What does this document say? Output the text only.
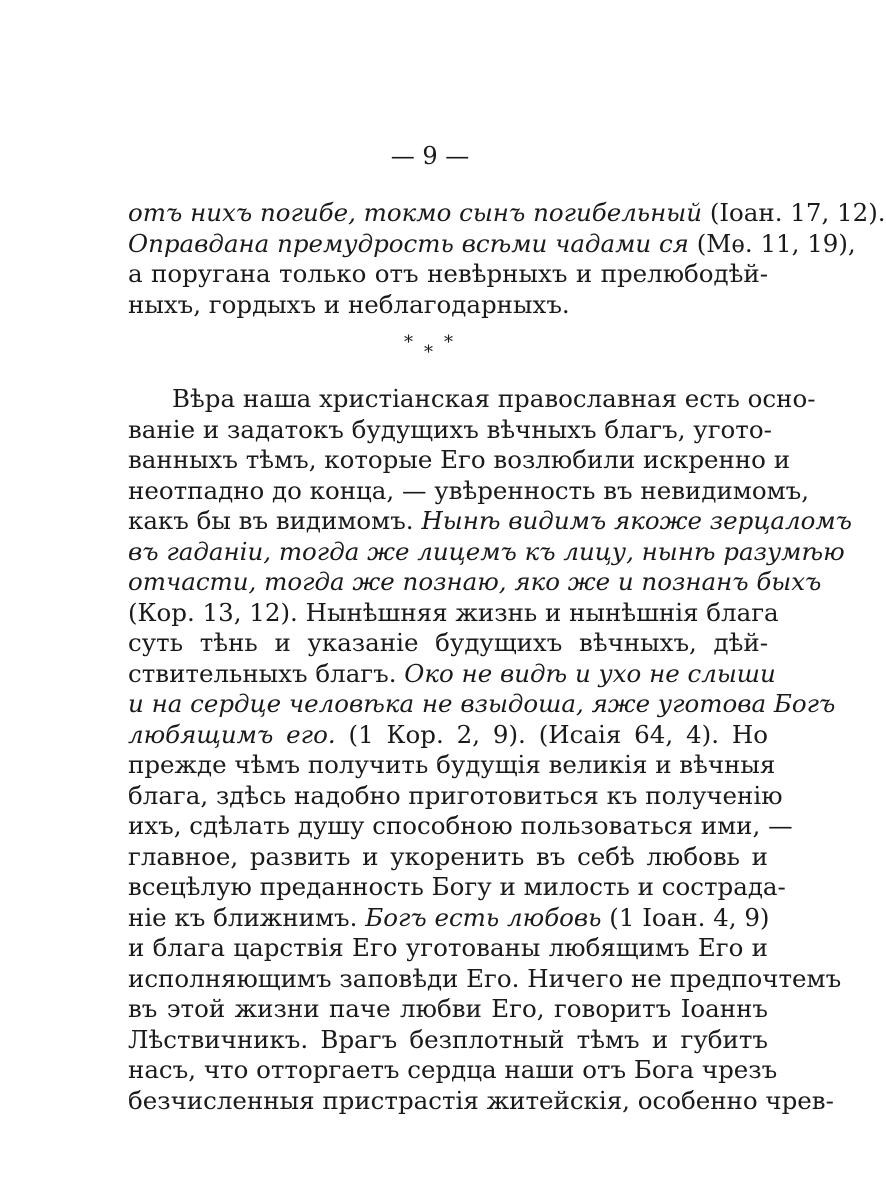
— 9 —
отъ нихъ погибе, токмо сынъ погибельный (Іоан. 17, 12).
Оправдана премудрость всѣми чадами ся (Мѳ. 11, 19),
а поругана только отъ невѣрныхъ и прелюбодѣй-
ныхъ, гордыхъ и неблагодарныхъ.
* * *
Вѣра наша христіанская православная есть осно-
ваніе и задатокъ будущихъ вѣчныхъ благъ, угото-
ванныхъ тѣмъ, которые Его возлюбили искренно и
неотпадно до конца, — увѣренность въ невидимомъ,
какъ бы въ видимомъ. Нынѣ видимъ якоже зерцаломъ
въ гаданіи, тогда же лицемъ къ лицу, нынѣ разумѣю
отчасти, тогда же познаю, яко же и познанъ быхъ
(Кор. 13, 12). Нынѣшняя жизнь и нынѣшнія блага
суть тѣнь и указаніе будущихъ вѣчныхъ, дѣй-
ствительныхъ благъ. Око не видѣ и ухо не слыши
и на сердце человѣка не взыдоша, яже уготова Богъ
любящимъ его. (1 Кор. 2, 9). (Исаія 64, 4). Но
прежде чѣмъ получить будущія великія и вѣчныя
блага, здѣсь надобно приготовиться къ полученію
ихъ, сдѣлать душу способною пользоваться ими, —
главное, развить и укоренить въ себѣ любовь и
всецѣлую преданность Богу и милость и сострада-
ніе къ ближнимъ. Богъ есть любовь (1 Іоан. 4, 9)
и блага царствія Его уготованы любящимъ Его и
исполняющимъ заповѣди Его. Ничего не предпочтемъ
въ этой жизни паче любви Его, говоритъ Іоаннъ
Лѣствичникъ. Врагъ безплотный тѣмъ и губитъ
насъ, что отторгаетъ сердца наши отъ Бога чрезъ
безчисленныя пристрастія житейскія, особенно чрев-
